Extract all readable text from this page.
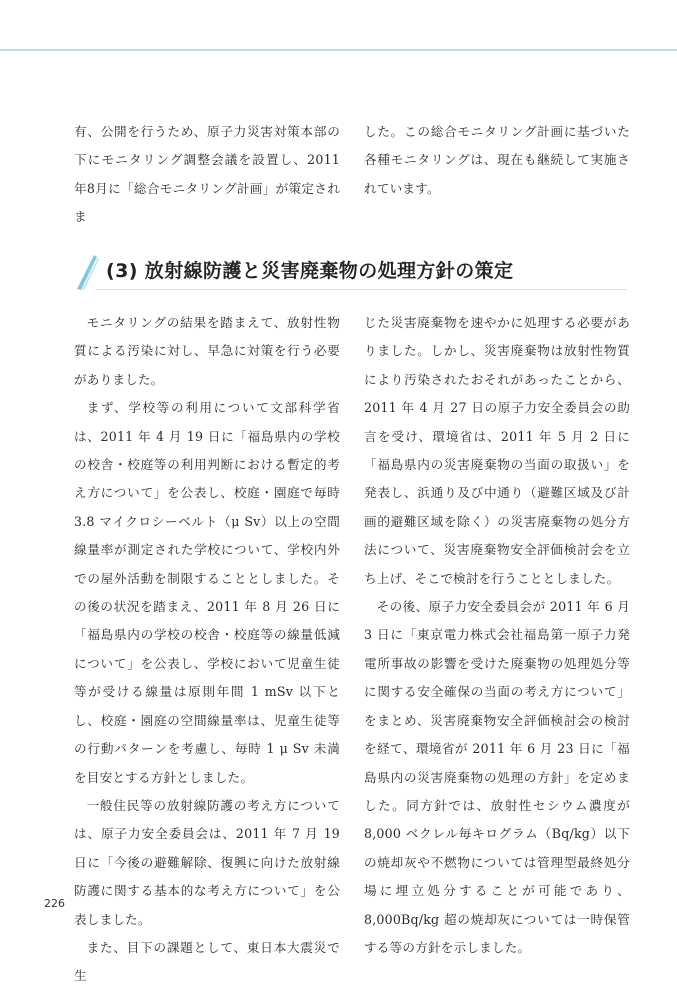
有、公開を行うため、原子力災害対策本部の下にモニタリング調整会議を設置し、2011 年8月に「総合モニタリング計画」が策定されま

した。この総合モニタリング計画に基づいた各種モニタリングは、現在も継続して実施されています。

(3) 放射線防護と災害廃棄物の処理方針の策定

モニタリングの結果を踏まえて、放射性物質による汚染に対し、早急に対策を行う必要がありました。

まず、学校等の利用について文部科学省は、2011 年 4 月 19 日に「福島県内の学校の校舎・校庭等の利用判断における暫定的考え方について」を公表し、校庭・園庭で毎時 3.8 マイクロシーベルト（μ Sv）以上の空間線量率が測定された学校について、学校内外での屋外活動を制限することとしました。その後の状況を踏まえ、2011 年 8 月 26 日に「福島県内の学校の校舎・校庭等の線量低減について」を公表し、学校において児童生徒等が受ける線量は原則年間 1 mSv 以下とし、校庭・園庭の空間線量率は、児童生徒等の行動パターンを考慮し、毎時 1 μ Sv 未満を目安とする方針としました。

一般住民等の放射線防護の考え方については、原子力安全委員会は、2011 年 7 月 19 日に「今後の避難解除、復興に向けた放射線防護に関する基本的な考え方について」を公表しました。

また、目下の課題として、東日本大震災で生

じた災害廃棄物を速やかに処理する必要がありました。しかし、災害廃棄物は放射性物質により汚染されたおそれがあったことから、2011 年 4 月 27 日の原子力安全委員会の助言を受け、環境省は、2011 年 5 月 2 日に「福島県内の災害廃棄物の当面の取扱い」を発表し、浜通り及び中通り（避難区域及び計画的避難区域を除く）の災害廃棄物の処分方法について、災害廃棄物安全評価検討会を立ち上げ、そこで検討を行うこととしました。

その後、原子力安全委員会が 2011 年 6 月 3 日に「東京電力株式会社福島第一原子力発電所事故の影響を受けた廃棄物の処理処分等に関する安全確保の当面の考え方について」をまとめ、災害廃棄物安全評価検討会の検討を経て、環境省が 2011 年 6 月 23 日に「福島県内の災害廃棄物の処理の方針」を定めました。同方針では、放射性セシウム濃度が 8,000 ベクレル毎キログラム（Bq/kg）以下の焼却灰や不燃物については管理型最終処分場に埋立処分することが可能であり、8,000Bq/kg 超の焼却灰については一時保管する等の方針を示しました。

226
